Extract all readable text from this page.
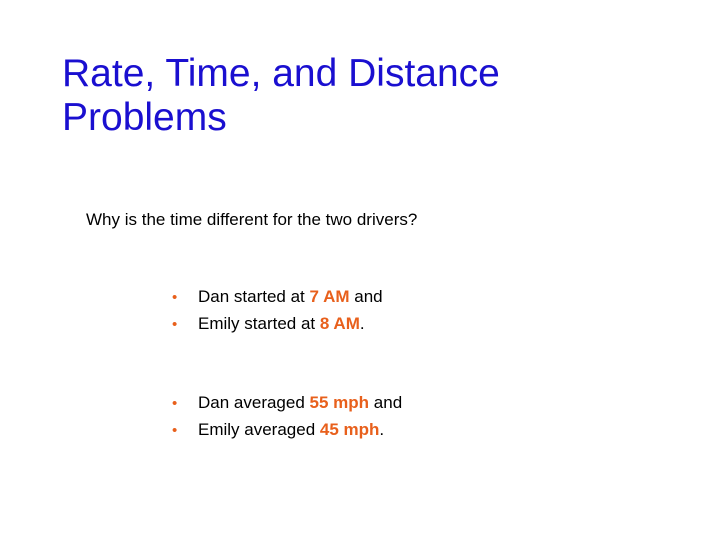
Rate, Time, and Distance
Problems

Why is the time different for the two drivers?

• Dan started at 7 AM and
• Emily started at 8 AM.
• Dan averaged 55 mph and
• Emily averaged 45 mph.
